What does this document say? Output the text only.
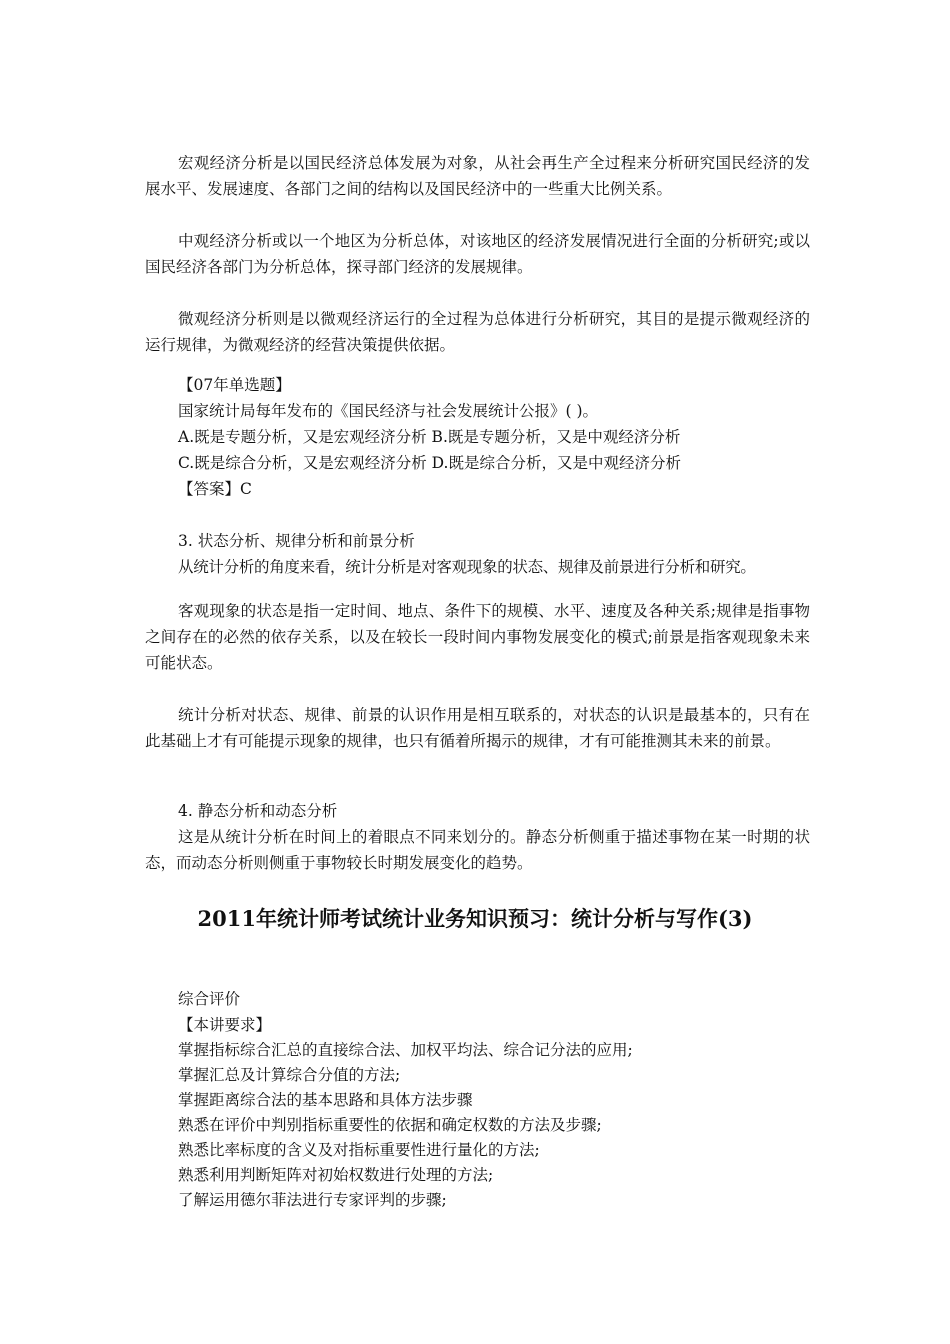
宏观经济分析是以国民经济总体发展为对象，从社会再生产全过程来分析研究国民经济的发展水平、发展速度、各部门之间的结构以及国民经济中的一些重大比例关系。

中观经济分析或以一个地区为分析总体，对该地区的经济发展情况进行全面的分析研究;或以国民经济各部门为分析总体，探寻部门经济的发展规律。

微观经济分析则是以微观经济运行的全过程为总体进行分析研究，其目的是提示微观经济的运行规律，为微观经济的经营决策提供依据。

【07年单选题】

国家统计局每年发布的《国民经济与社会发展统计公报》( )。

A.既是专题分析，又是宏观经济分析 B.既是专题分析，又是中观经济分析

C.既是综合分析，又是宏观经济分析 D.既是综合分析，又是中观经济分析

【答案】C

3. 状态分析、规律分析和前景分析

从统计分析的角度来看，统计分析是对客观现象的状态、规律及前景进行分析和研究。

客观现象的状态是指一定时间、地点、条件下的规模、水平、速度及各种关系;规律是指事物之间存在的必然的依存关系，以及在较长一段时间内事物发展变化的模式;前景是指客观现象未来可能状态。

统计分析对状态、规律、前景的认识作用是相互联系的，对状态的认识是最基本的，只有在此基础上才有可能提示现象的规律，也只有循着所揭示的规律，才有可能推测其未来的前景。

4. 静态分析和动态分析

这是从统计分析在时间上的着眼点不同来划分的。静态分析侧重于描述事物在某一时期的状态，而动态分析则侧重于事物较长时期发展变化的趋势。

2011年统计师考试统计业务知识预习：统计分析与写作(3)

综合评价

【本讲要求】

掌握指标综合汇总的直接综合法、加权平均法、综合记分法的应用;

掌握汇总及计算综合分值的方法;

掌握距离综合法的基本思路和具体方法步骤

熟悉在评价中判别指标重要性的依据和确定权数的方法及步骤;

熟悉比率标度的含义及对指标重要性进行量化的方法;

熟悉利用判断矩阵对初始权数进行处理的方法;

了解运用德尔菲法进行专家评判的步骤;
